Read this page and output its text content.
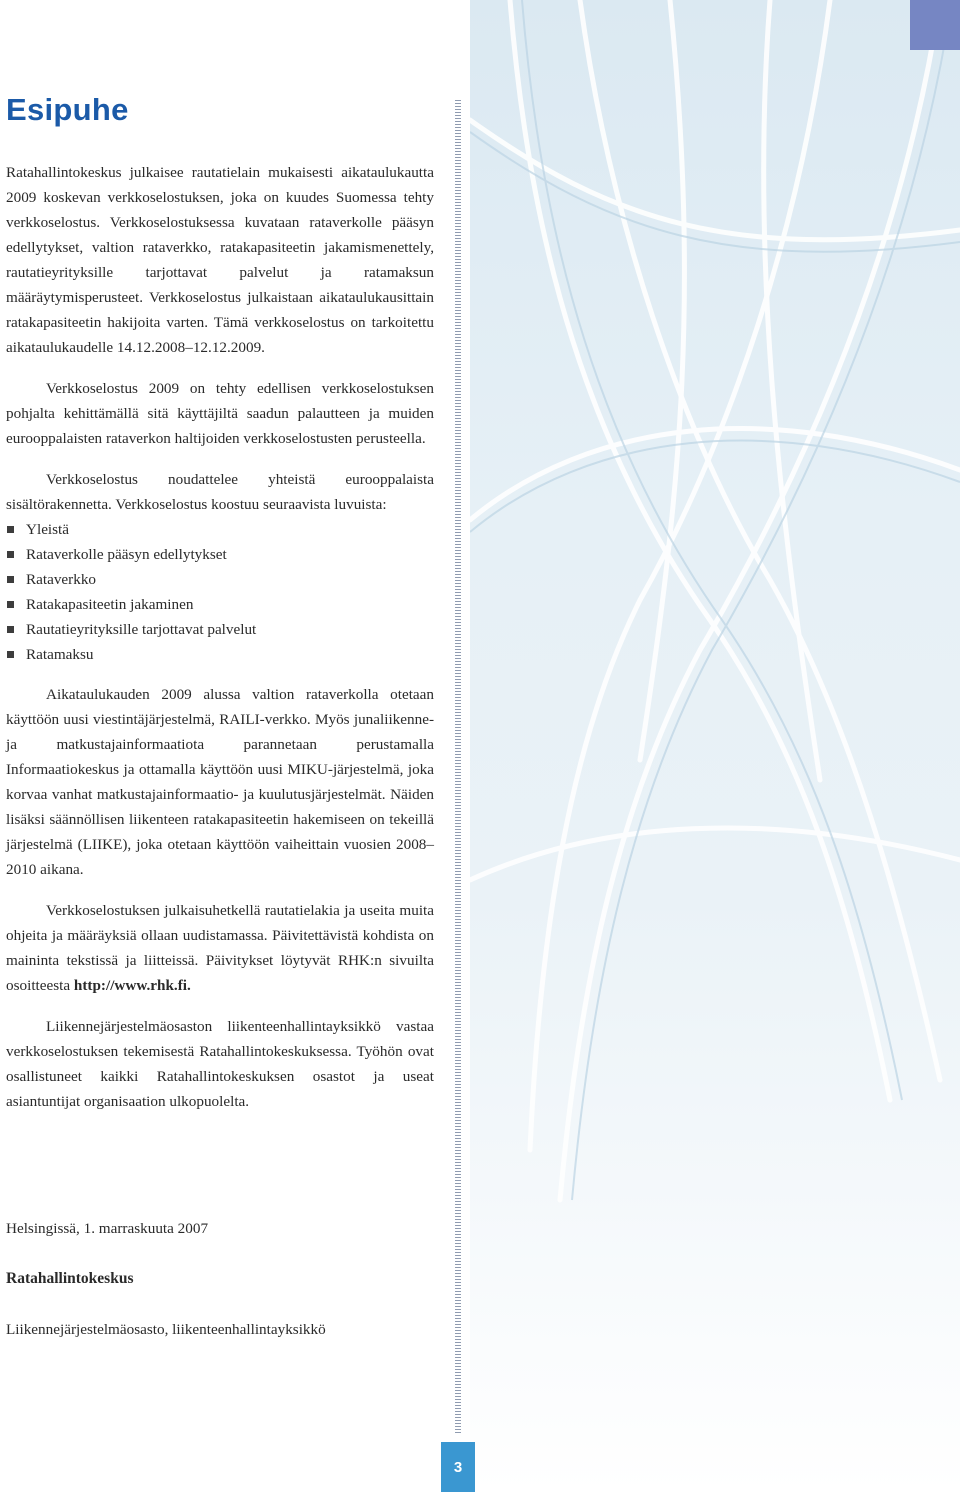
Esipuhe

Ratahallintokeskus julkaisee rautatielain mukaisesti aikataulukautta 2009 koskevan verkkoselostuksen, joka on kuudes Suomessa tehty verkkoselostus. Verkkoselostuksessa kuvataan rataverkolle pääsyn edellytykset, valtion rataverkko, ratakapasiteetin jakamismenettely, rautatieyrityksille tarjottavat palvelut ja ratamaksun määräytymisperusteet. Verkkoselostus julkaistaan aikataulukausittain ratakapasiteetin hakijoita varten. Tämä verkkoselostus on tarkoitettu aikataulukaudelle 14.12.2008–12.12.2009.

Verkkoselostus 2009 on tehty edellisen verkkoselostuksen pohjalta kehittämällä sitä käyttäjiltä saadun palautteen ja muiden eurooppalaisten rataverkon haltijoiden verkkoselostusten perusteella.

Verkkoselostus noudattelee yhteistä eurooppalaista sisältörakennetta. Verkkoselostus koostuu seuraavista luvuista:

Yleistä
Rataverkolle pääsyn edellytykset
Rataverkko
Ratakapasiteetin jakaminen
Rautatieyrityksille tarjottavat palvelut
Ratamaksu

Aikataulukauden 2009 alussa valtion rataverkolla otetaan käyttöön uusi viestintäjärjestelmä, RAILI-verkko. Myös junaliikenne- ja matkustajainformaatiota parannetaan perustamalla Informaatiokeskus ja ottamalla käyttöön uusi MIKU-järjestelmä, joka korvaa vanhat matkustajainformaatio- ja kuulutusjärjestelmät. Näiden lisäksi säännöllisen liikenteen ratakapasiteetin hakemiseen on tekeillä järjestelmä (LIIKE), joka otetaan käyttöön vaiheittain vuosien 2008–2010 aikana.

Verkkoselostuksen julkaisuhetkellä rautatielakia ja useita muita ohjeita ja määräyksiä ollaan uudistamassa. Päivitettävistä kohdista on maininta tekstissä ja liitteissä. Päivitykset löytyvät RHK:n sivuilta osoitteesta http://www.rhk.fi.

Liikennejärjestelmäosaston liikenteenhallintayksikkö vastaa verkkoselostuksen tekemisestä Ratahallintokeskuksessa. Työhön ovat osallistuneet kaikki Ratahallintokeskuksen osastot ja useat asiantuntijat organisaation ulkopuolelta.

Helsingissä, 1. marraskuuta 2007
Ratahallintokeskus
Liikennejärjestelmäosasto, liikenteenhallintayksikkö
3
